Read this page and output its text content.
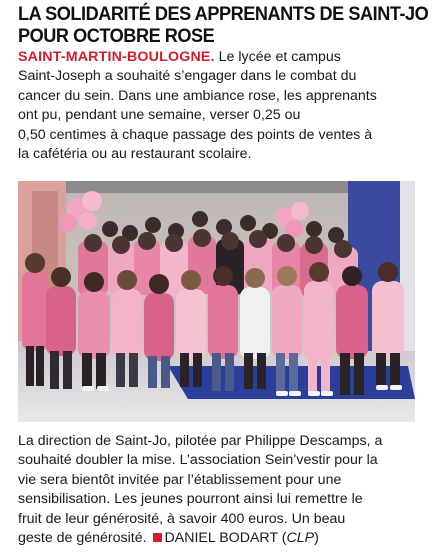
LA SOLIDARITÉ DES APPRENANTS DE SAINT-JO
POUR OCTOBRE ROSE
SAINT-MARTIN-BOULOGNE. Le lycée et campus
Saint-Joseph a souhaité s’engager dans le combat du
cancer du sein. Dans une ambiance rose, les apprenants
ont pu, pendant une semaine, verser 0,25 ou
0,50 centimes à chaque passage des points de ventes à
la cafétéria ou au restaurant scolaire.
La direction de Saint-Jo, pilotée par Philippe Descamps, a
souhaité doubler la mise. L’association Sein’vestir pour la
vie sera bientôt invitée par l’établissement pour une
sensibilisation. Les jeunes pourront ainsi lui remettre le
fruit de leur générosité, à savoir 400 euros. Un beau
geste de générosité. DANIEL BODART (CLP)
